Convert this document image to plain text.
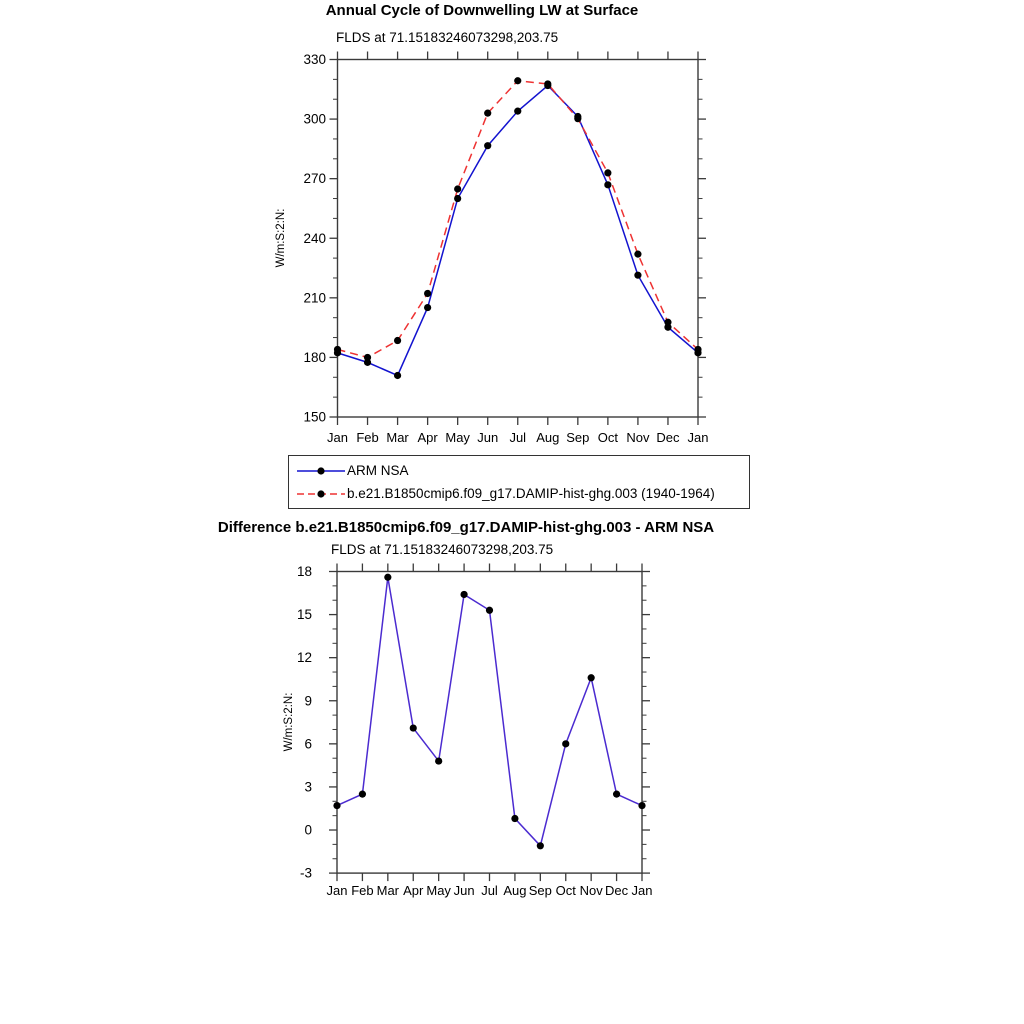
Jan Feb Mar Apr May Jun Jul Aug Sep Oct Nov Dec Jan
150
180
210
240
270
300
330
Jan Feb Mar Apr May Jun Jul Aug Sep Oct Nov Dec Jan
-3
0
3
6
9
12
15
18
Annual Cycle of Downwelling LW at Surface
FLDS at 71.15183246073298,203.75
W/m:S:2:N:
ARM NSA
b.e21.B1850cmip6.f09_g17.DAMIP-hist-ghg.003 (1940-1964)
Difference b.e21.B1850cmip6.f09_g17.DAMIP-hist-ghg.003 - ARM NSA
FLDS at 71.15183246073298,203.75
W/m:S:2:N:
